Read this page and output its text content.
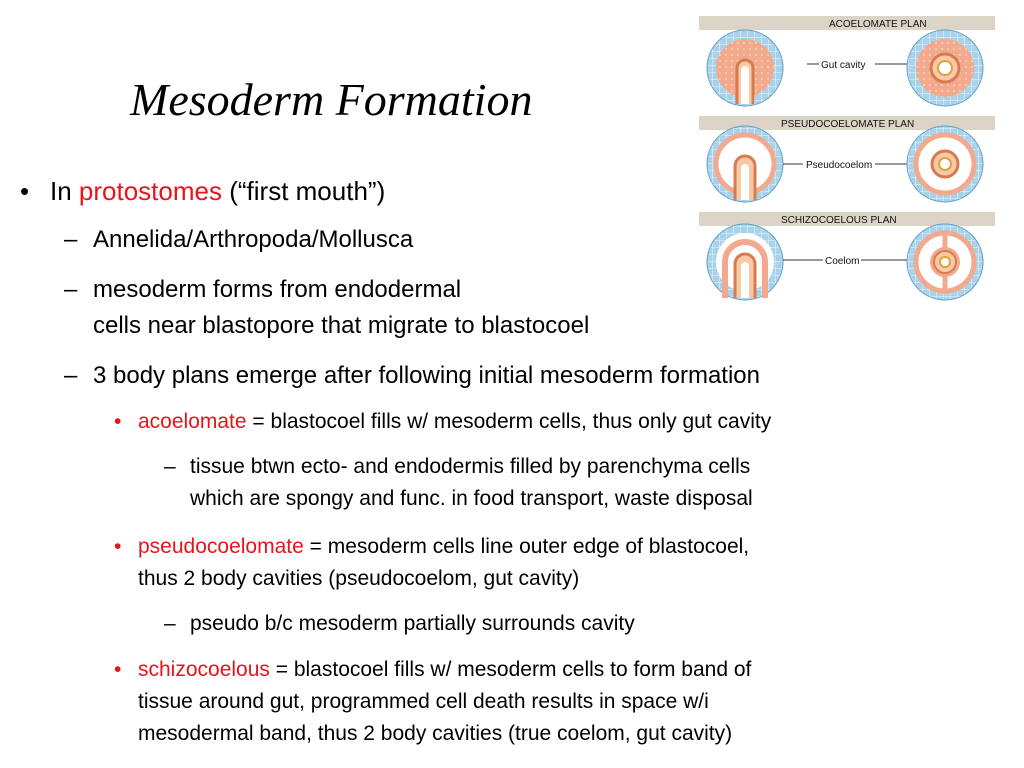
Mesoderm Formation
• In protostomes (“first mouth”)
– Annelida/Arthropoda/Mollusca
– mesoderm forms from endodermal
cells near blastopore that migrate to blastocoel
– 3 body plans emerge after following initial mesoderm formation
• acoelomate = blastocoel fills w/ mesoderm cells, thus only gut cavity
– tissue btwn ecto- and endodermis filled by parenchyma cells
which are spongy and func. in food transport, waste disposal
• pseudocoelomate = mesoderm cells line outer edge of blastocoel,
thus 2 body cavities (pseudocoelom, gut cavity)
– pseudo b/c mesoderm partially surrounds cavity
• schizocoelous = blastocoel fills w/ mesoderm cells to form band of
tissue around gut, programmed cell death results in space w/i
mesodermal band, thus 2 body cavities (true coelom, gut cavity)
ACOELOMATE PLAN
Gut cavity
PSEUDOCOELOMATE PLAN
Pseudocoelom
SCHIZOCOELOUS PLAN
Coelom
